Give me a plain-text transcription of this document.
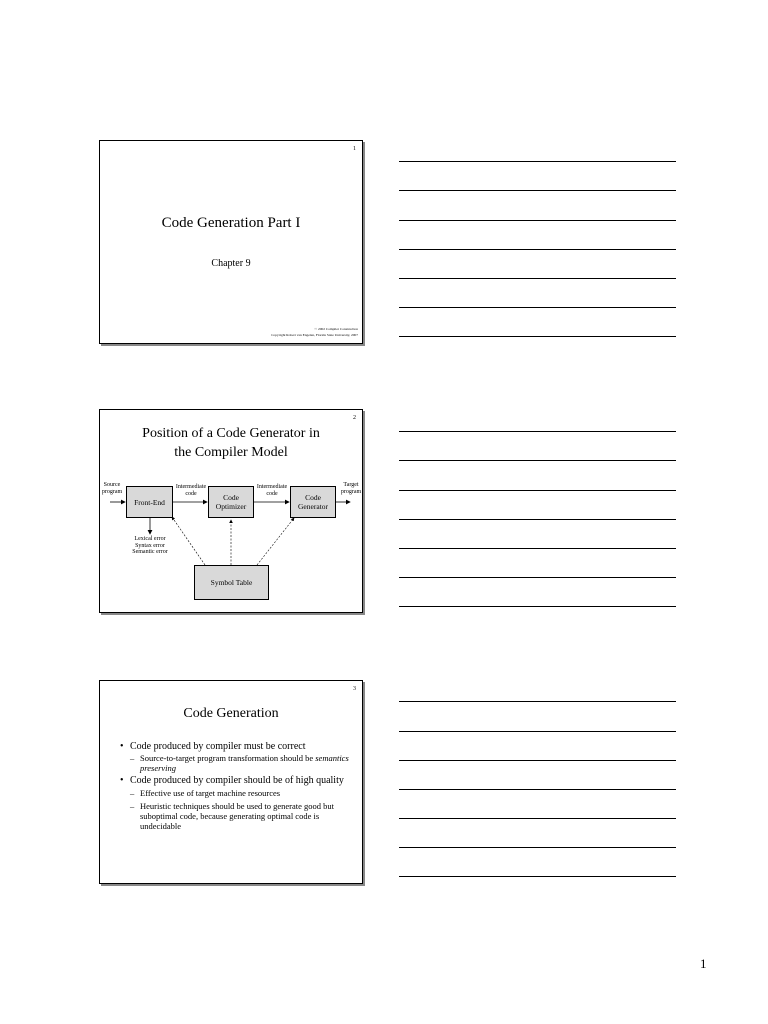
1
Code Generation Part I
Chapter 9
© 2002 Compiler Construction
Copyright Robert van Engelen, Florida State University, 2007
2
Position of a Code Generator in
the Compiler Model
Source
program
Front-End
Intermediate
code	Code
Optimizer
Intermediate
code	Code
Generator
Target
program
Lexical error
Syntax error
Semantic error
Symbol Table
3
Code Generation
• Code produced by compiler must be correct
– Source-to-target program transformation should be semantics preserving
• Code produced by compiler should be of high quality
– Effective use of target machine resources
– Heuristic techniques should be used to generate good but suboptimal code, because generating optimal code is undecidable
1
